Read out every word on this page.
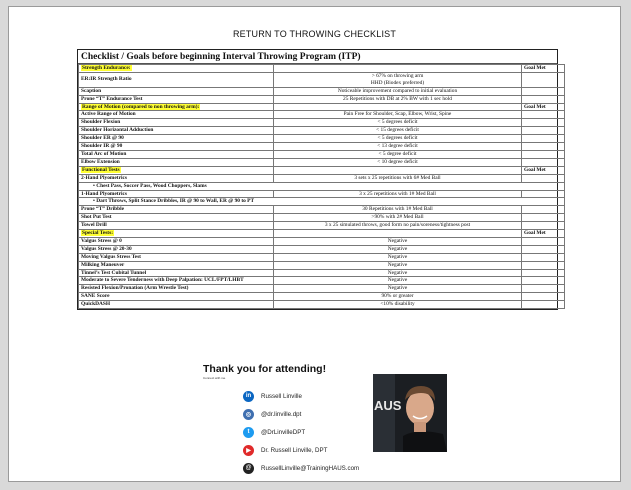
RETURN TO THROWING CHECKLIST
Checklist / Goals before beginning Interval Throwing Program (ITP)
Strength Endurance:		Goal Met
ER:IR Strength Ratio	> 67% on throwing arm
HHD (Biodex preferred)	

Scaption	Noticeable improvement compared to initial evaluation	
Prone “T” Endurance Test	25 Repetitions with DB at 2% BW with 1 sec hold	
Range of Motion (compared to non throwing arm):		Goal Met
Active Range of Motion	Pain Free for Shoulder, Scap, Elbow, Wrist, Spine	
Shoulder Flexion	< 5 degrees deficit	
Shoulder Horizontal Adduction	< 15 degrees deficit	
Shoulder ER @ 90	< 5 degrees deficit	
Shoulder IR @ 90	< 13 degree deficit	
Total Arc of Motion	< 5 degree deficit	
Elbow Extension	< 10 degree deficit	
Functional Tests		Goal Met
2-Hand Plyometrics	3 sets x 25 repetitions with 6# Med Ball	
• Chest Pass, Soccer Pass, Wood Choppers, Slams		
1-Hand Plyometrics	3 x 25 repetitions with 1# Med Ball	
• Dart Throws, Split Stance Dribbles, IR @ 90 to Wall, ER @ 90 to PT		
Prone “T” Dribble	30 Repetitions with 1# Med Ball	
Shot Put Test	>90% with 2# Med Ball	
Towel Drill	3 x 25 simulated throws, good form no pain/soreness/tightness post	
Special Tests:		Goal Met
Valgus Stress @ 0	Negative	
Valgus Stress @ 20-30	Negative	
Moving Valgus Stress Test	Negative	
Milking Maneuver	Negative	
Tinnel’s Test Cubital Tunnel	Negative	
Moderate to Severe Tenderness with Deep Palpation: UCL/FPT/LHBT	Negative	
Resisted Flexion/Pronation (Arm Wrestle Test)	Negative	
SANE Score	90% or greater	
QuickDASH	<10% disability	
Thank you for attending!
Connect with me
in	Russell Linville
◎	@dr.linville.dpt
t	@DrLinvilleDPT
▶	Dr. Russell Linville, DPT
@	RussellLinville@TrainingHAUS.com
AUS
